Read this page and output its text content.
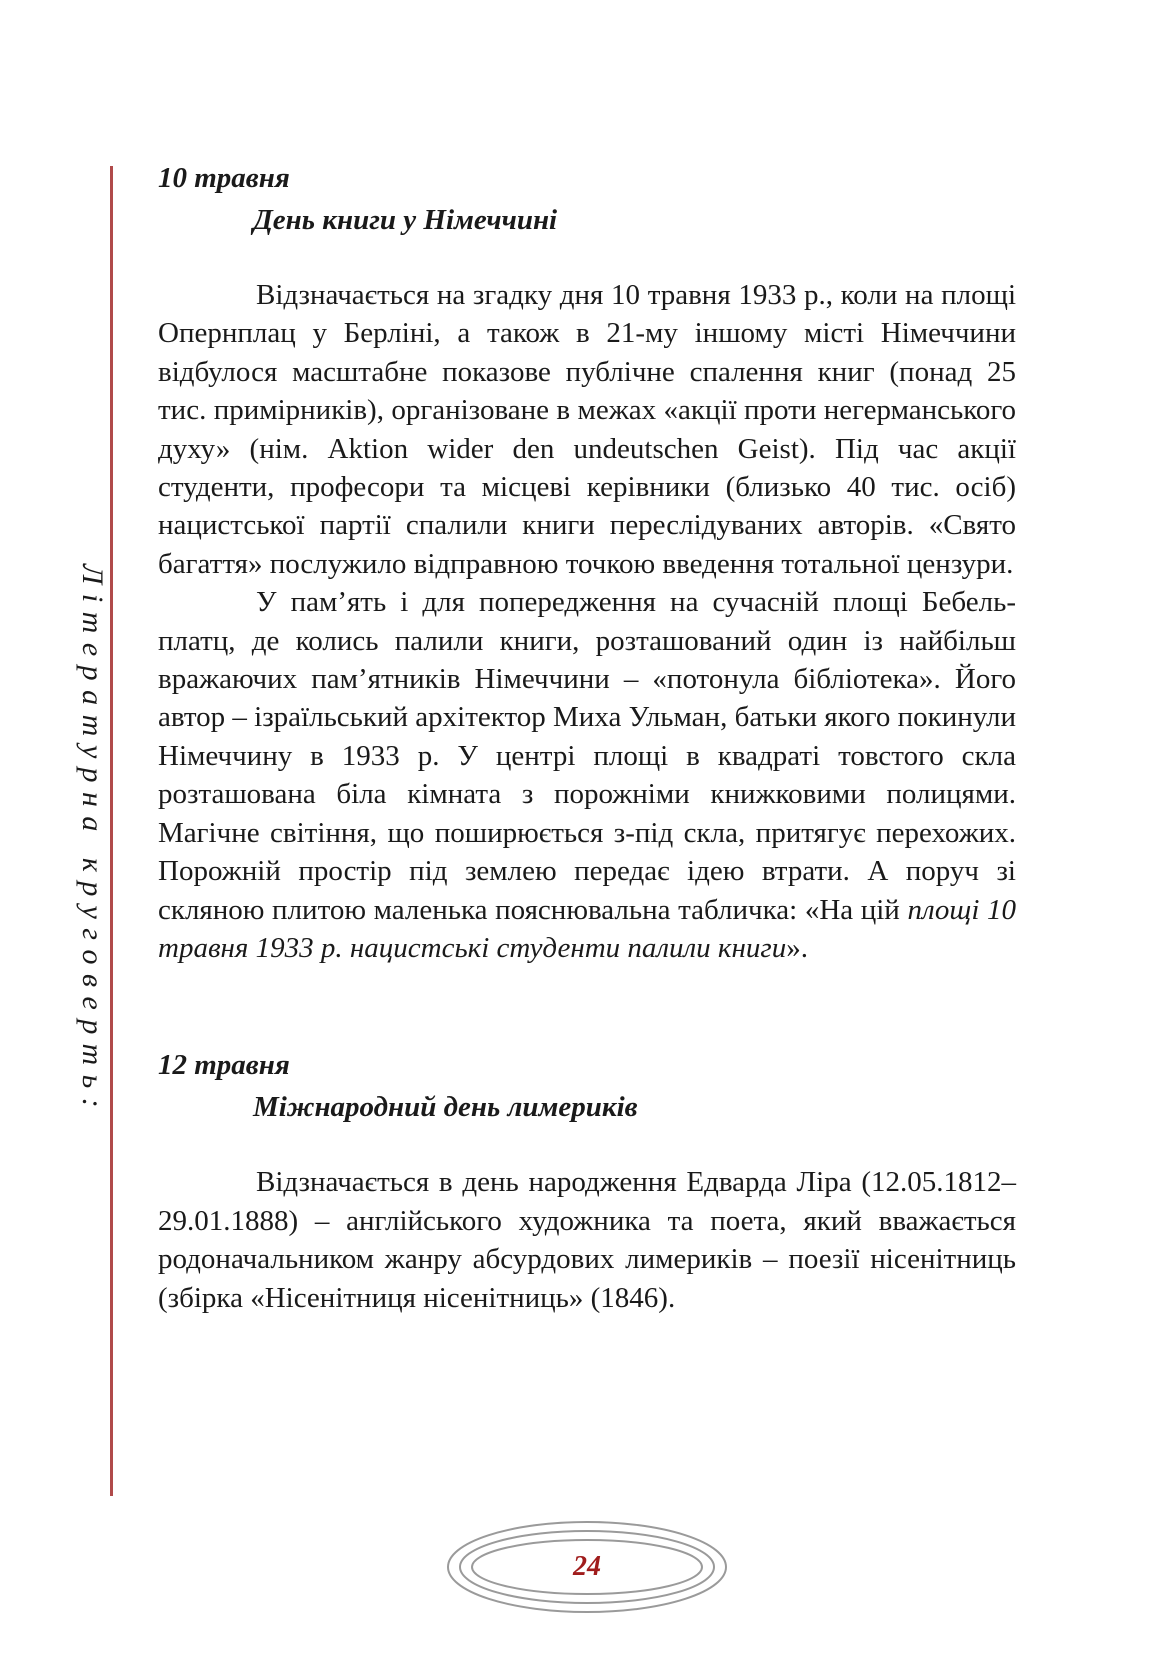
Літературна круговерть:
10 травня
День книги у Німеччині

Відзначається на згадку дня 10 травня 1933 р., коли на площі Опернплац у Берліні, а також в 21-му іншому місті Німеччини відбулося масштабне показове публічне спалення книг (понад 25 тис. примірників), організоване в межах «акції проти негерманського духу» (нім. Aktion wider den undeutschen Geist). Під час акції студенти, професори та місцеві керівники (близько 40 тис. осіб) нацистської партії спалили книги переслідуваних авторів. «Свято багаття» послужило відправною точкою введення тотальної цензури.

У пам’ять і для попередження на сучасній площі Бебель-платц, де колись палили книги, розташований один із найбільш вражаючих пам’ятників Німеччини – «потонула бібліотека». Його автор – ізраїльський архітектор Миха Ульман, батьки якого покинули Німеччину в 1933 р. У центрі площі в квадраті товстого скла розташована біла кімната з порожніми книжковими полицями. Магічне світіння, що поширюється з-під скла, притягує перехожих. Порожній простір під землею передає ідею втрати. А поруч зі скляною плитою маленька пояснювальна табличка: «На цій площі 10 травня 1933 р. нацистські студенти палили книги».

12 травня
Міжнародний день лимериків

Відзначається в день народження Едварда Ліра (12.05.1812–29.01.1888) – англійського художника та поета, який вважається родоначальником жанру абсурдових лимериків – поезії нісенітниць (збірка «Нісенітниця нісенітниць» (1846).

24
